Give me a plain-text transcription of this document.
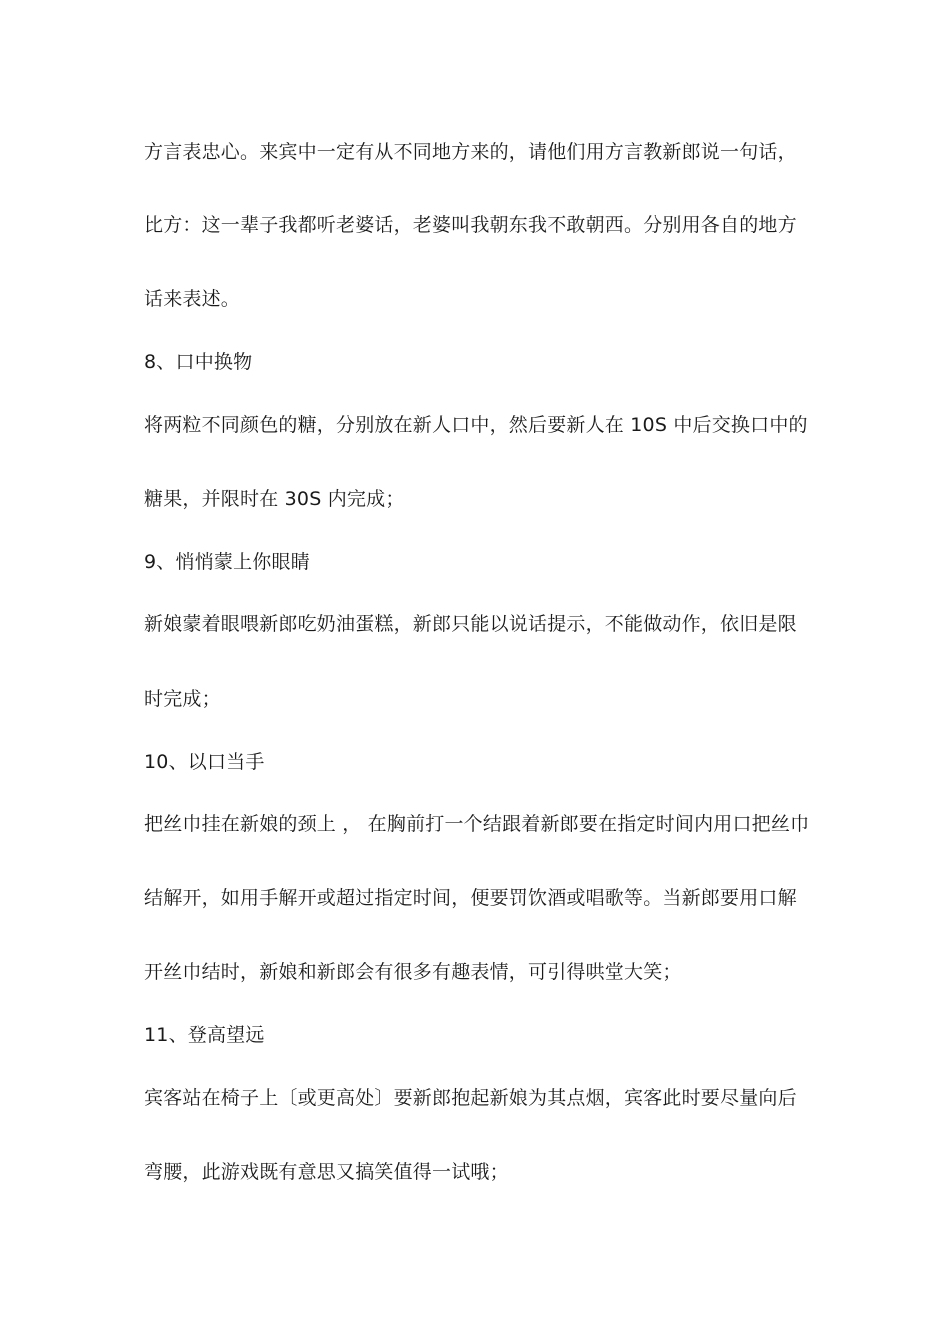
方言表忠心。来宾中一定有从不同地方来的，请他们用方言教新郎说一句话，
比方：这一辈子我都听老婆话，老婆叫我朝东我不敢朝西。分别用各自的地方
话来表述。
8、口中换物
将两粒不同颜色的糖，分别放在新人口中，然后要新人在 10S 中后交换口中的
糖果，并限时在 30S 内完成；
9、悄悄蒙上你眼睛
新娘蒙着眼喂新郎吃奶油蛋糕，新郎只能以说话提示，不能做动作，依旧是限
时完成；
10、以口当手
把丝巾挂在新娘的颈上 ， 在胸前打一个结跟着新郎要在指定时间内用口把丝巾
结解开，如用手解开或超过指定时间，便要罚饮酒或唱歌等。当新郎要用口解
开丝巾结时，新娘和新郎会有很多有趣表情，可引得哄堂大笑；
11、登高望远
宾客站在椅子上〔或更高处〕要新郎抱起新娘为其点烟，宾客此时要尽量向后
弯腰，此游戏既有意思又搞笑值得一试哦；
